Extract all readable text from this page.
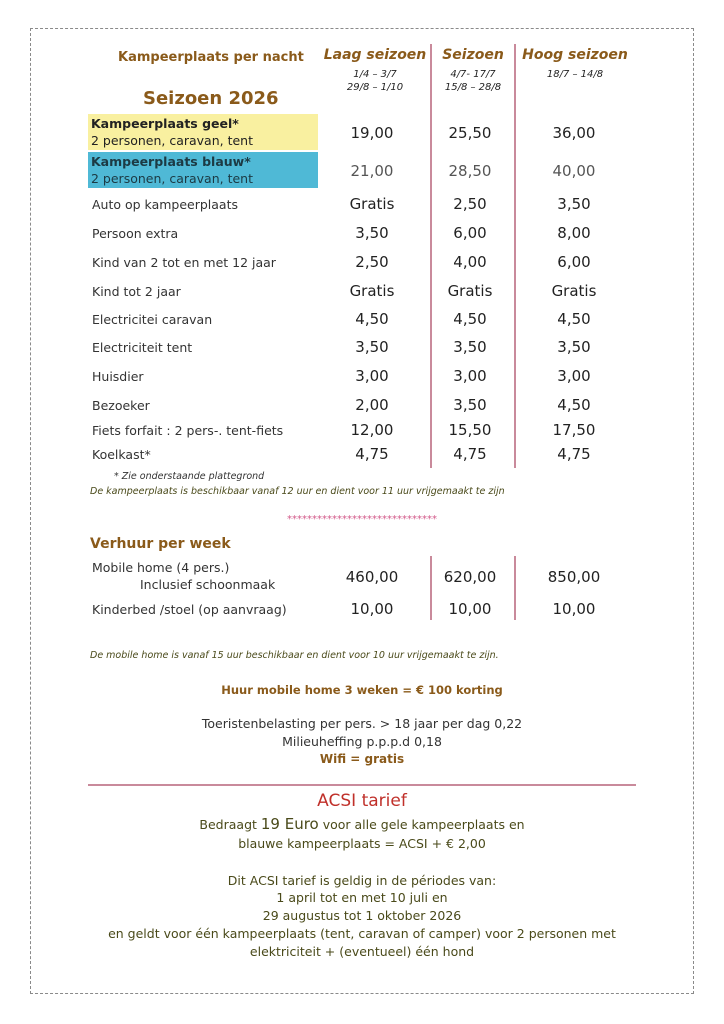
Kampeerplaats per nacht
Seizoen 2026
Laag seizoen
1/4 – 3/7
29/8 – 1/10
Seizoen
4/7- 17/7
15/8 – 28/8
Hoog seizoen
18/7 – 14/8
Kampeerplaats geel*
2 personen, caravan, tent	19,00	25,50	36,00
Kampeerplaats blauw*
2 personen, caravan, tent	21,00	28,50	40,00
Auto op kampeerplaats	Gratis	2,50	3,50
Persoon extra	3,50	6,00	8,00
Kind van 2 tot en met 12 jaar	2,50	4,00	6,00
Kind tot 2 jaar	Gratis	Gratis	Gratis
Electricitei caravan	4,50	4,50	4,50
Electriciteit tent	3,50	3,50	3,50
Huisdier	3,00	3,00	3,00
Bezoeker	2,00	3,50	4,50
Fiets forfait : 2 pers-. tent-fiets	12,00	15,50	17,50
Koelkast*	4,75	4,75	4,75
* Zie onderstaande plattegrond
De kampeerplaats is beschikbaar vanaf 12 uur en dient voor 11 uur vrijgemaakt te zijn
******************************
Verhuur per week
Mobile home (4 pers.)
Inclusief schoonmaak	460,00	620,00	850,00
Kinderbed /stoel (op aanvraag)	10,00	10,00	10,00
De mobile home is vanaf 15 uur beschikbaar en dient voor 10 uur vrijgemaakt te zijn.
Huur mobile home 3 weken = € 100 korting
Toeristenbelasting per pers. > 18 jaar per dag 0,22
Milieuheffing p.p.p.d 0,18
Wifi = gratis
ACSI tarief
Bedraagt 19 Euro voor alle gele kampeerplaats en
blauwe kampeerplaats = ACSI + € 2,00
Dit ACSI tarief is geldig in de périodes van:
1 april tot en met 10 juli en
29 augustus tot 1 oktober 2026
en geldt voor één kampeerplaats (tent, caravan of camper) voor 2 personen met
elektriciteit + (eventueel) één hond
